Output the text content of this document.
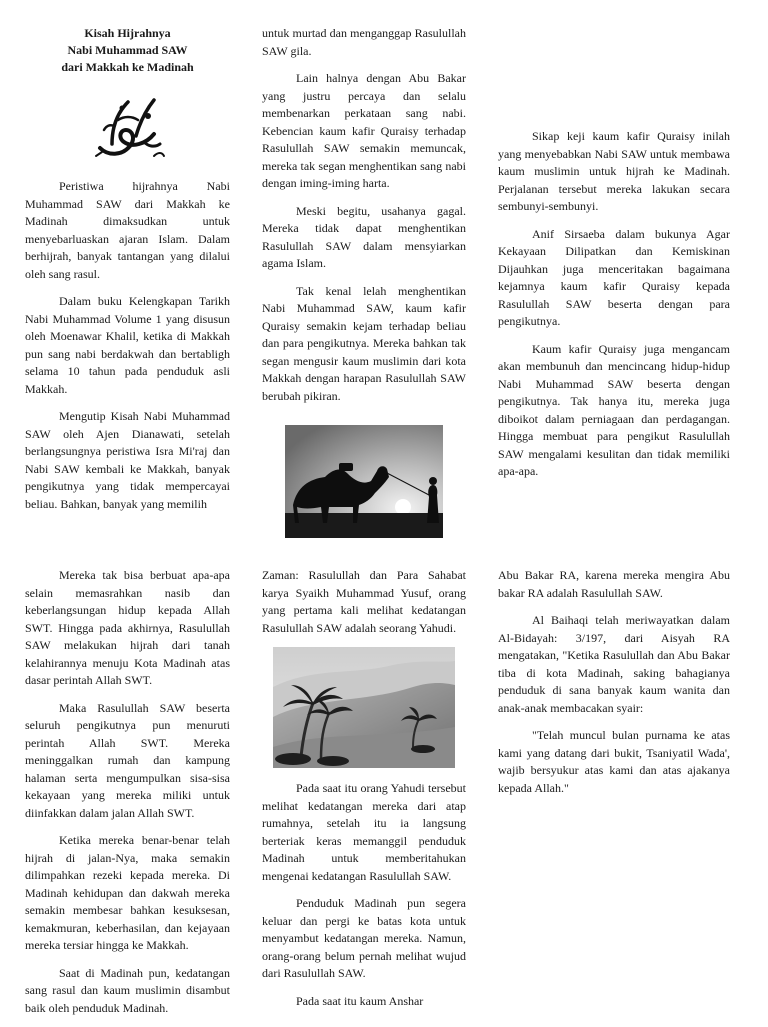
Kisah Hijrahnya
Nabi Muhammad SAW
dari Makkah ke Madinah

Peristiwa hijrahnya Nabi Muhammad SAW dari Makkah ke Madinah dimaksudkan untuk menyebarluaskan ajaran Islam. Dalam berhijrah, banyak tantangan yang dilalui oleh sang rasul.

Dalam buku Kelengkapan Tarikh Nabi Muhammad Volume 1 yang disusun oleh Moenawar Khalil, ketika di Makkah pun sang nabi berdakwah dan bertabligh selama 10 tahun pada penduduk asli Makkah.

Mengutip Kisah Nabi Muhammad SAW oleh Ajen Dianawati, setelah berlangsungnya peristiwa Isra Mi'raj dan Nabi SAW kembali ke Makkah, banyak pengikutnya yang tidak mempercayai beliau. Bahkan, banyak yang memilih

untuk murtad dan menganggap Rasulullah SAW gila.

Lain halnya dengan Abu Bakar yang justru percaya dan selalu membenarkan perkataan sang nabi. Kebencian kaum kafir Quraisy terhadap Rasulullah SAW semakin memuncak, mereka tak segan menghentikan sang nabi dengan iming-iming harta.

Meski begitu, usahanya gagal. Mereka tidak dapat menghentikan Rasulullah SAW dalam mensyiarkan agama Islam.

Tak kenal lelah menghentikan Nabi Muhammad SAW, kaum kafir Quraisy semakin kejam terhadap beliau dan para pengikutnya. Mereka bahkan tak segan mengusir kaum muslimin dari kota Makkah dengan harapan Rasulullah SAW berubah pikiran.

Sikap keji kaum kafir Quraisy inilah yang menyebabkan Nabi SAW untuk membawa kaum muslimin untuk hijrah ke Madinah. Perjalanan tersebut mereka lakukan secara sembunyi-sembunyi.

Anif Sirsaeba dalam bukunya Agar Kekayaan Dilipatkan dan Kemiskinan Dijauhkan juga menceritakan bagaimana kejamnya kaum kafir Quraisy kepada Rasulullah SAW beserta dengan para pengikutnya.

Kaum kafir Quraisy juga mengancam akan membunuh dan mencincang hidup-hidup Nabi Muhammad SAW beserta dengan pengikutnya. Tak hanya itu, mereka juga diboikot dalam perniagaan dan perdagangan. Hingga membuat para pengikut Rasulullah SAW mengalami kesulitan dan tidak memiliki apa-apa.

Mereka tak bisa berbuat apa-apa selain memasrahkan nasib dan keberlangsungan hidup kepada Allah SWT. Hingga pada akhirnya, Rasulullah SAW melakukan hijrah dari tanah kelahirannya menuju Kota Madinah atas dasar perintah Allah SWT.

Maka Rasulullah SAW beserta seluruh pengikutnya pun menuruti perintah Allah SWT. Mereka meninggalkan rumah dan kampung halaman serta mengumpulkan sisa-sisa kekayaan yang mereka miliki untuk diinfakkan dalam jalan Allah SWT.

Ketika mereka benar-benar telah hijrah di jalan-Nya, maka semakin dilimpahkan rezeki kepada mereka. Di Madinah kehidupan dan dakwah mereka semakin membesar bahkan kesuksesan, kemakmuran, keberhasilan, dan kejayaan mereka tersiar hingga ke Makkah.

Saat di Madinah pun, kedatangan sang rasul dan kaum muslimin disambut baik oleh penduduk Madinah.

Zaman: Rasulullah dan Para Sahabat karya Syaikh Muhammad Yusuf, orang yang pertama kali melihat kedatangan Rasulullah SAW adalah seorang Yahudi.

Pada saat itu orang Yahudi tersebut melihat kedatangan mereka dari atap rumahnya, setelah itu ia langsung berteriak keras memanggil penduduk Madinah untuk memberitahukan mengenai kedatangan Rasulullah SAW.

Penduduk Madinah pun segera keluar dan pergi ke batas kota untuk menyambut kedatangan mereka. Namun, orang-orang belum pernah melihat wujud dari Rasulullah SAW.

Pada saat itu kaum Anshar

Abu Bakar RA, karena mereka mengira Abu bakar RA adalah Rasulullah SAW.

Al Baihaqi telah meriwayatkan dalam Al-Bidayah: 3/197, dari Aisyah RA mengatakan, "Ketika Rasulullah dan Abu Bakar tiba di kota Madinah, saking bahagianya penduduk di sana banyak kaum wanita dan anak-anak membacakan syair:

"Telah muncul bulan purnama ke atas kami yang datang dari bukit, Tsaniyatil Wada', wajib bersyukur atas kami dan atas ajakanya kepada Allah."
